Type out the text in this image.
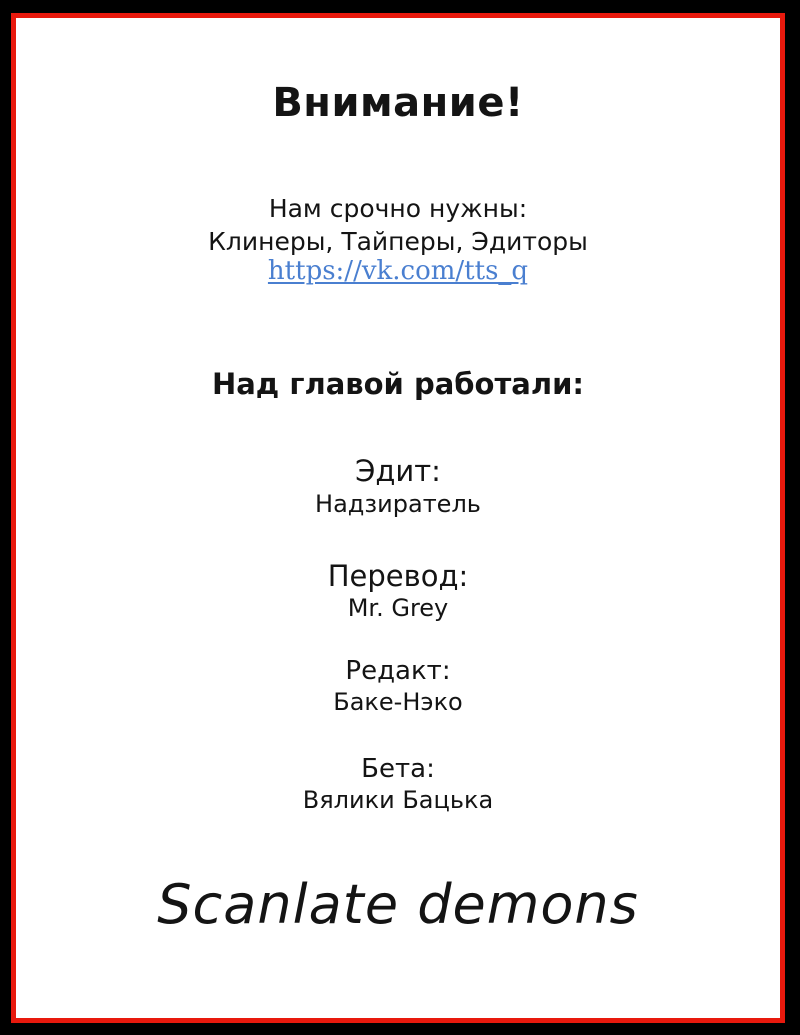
Внимание!
Нам срочно нужны:
Клинеры, Тайперы, Эдиторы
https://vk.com/tts_q
Над главой работали:
Эдит:
Надзиратель
Перевод:
Mr. Grey
Редакт:
Баке-Нэко
Бета:
Вялики Бацька
Scanlate demons
